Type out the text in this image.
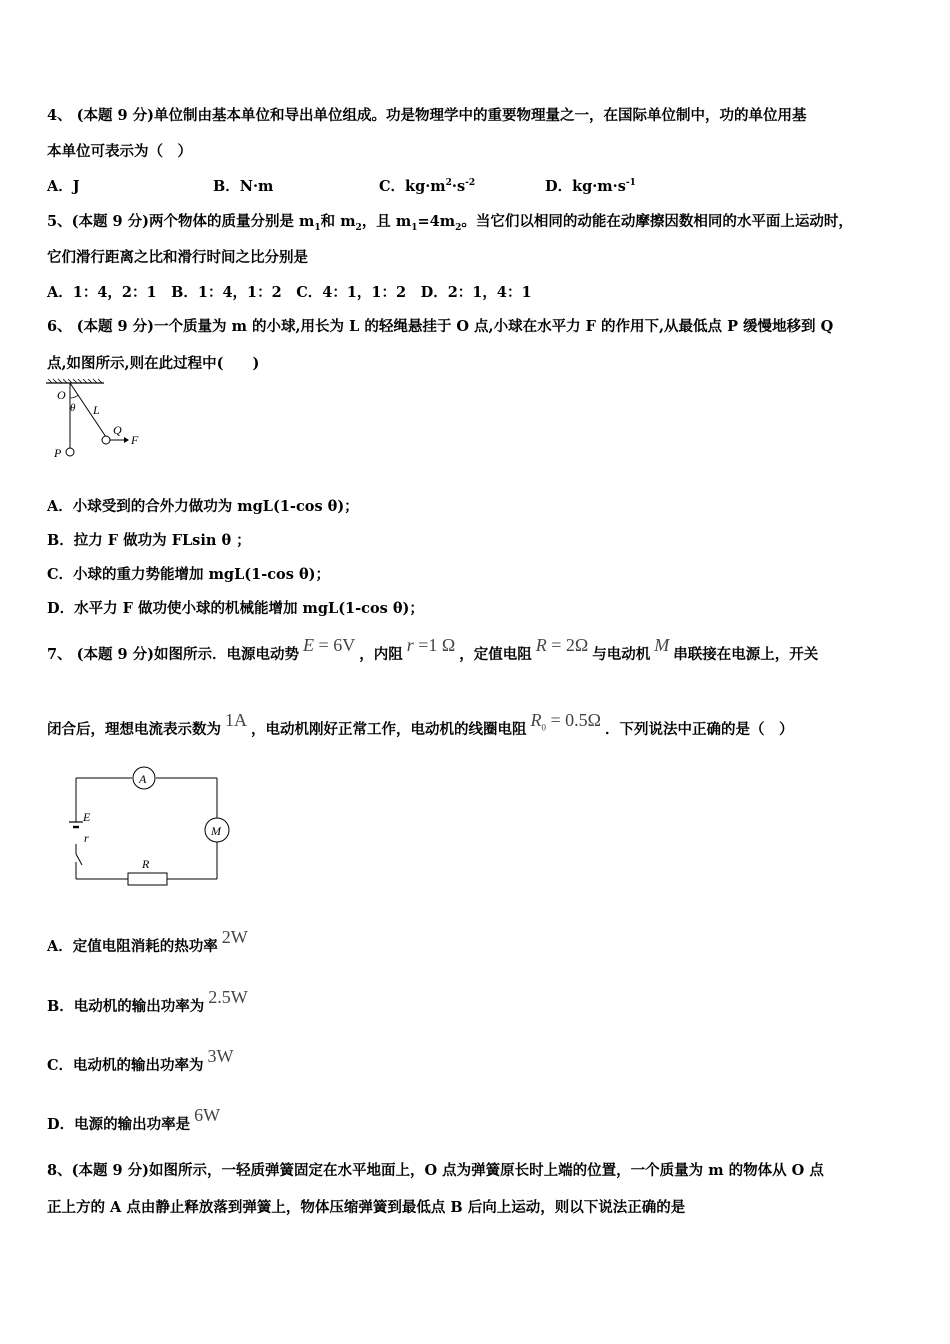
4、 (本题 9 分)单位制由基本单位和导出单位组成。功是物理学中的重要物理量之一，在国际单位制中，功的单位用基
本单位可表示为（　）
A．J	B．N·m	C．$kg\cdot m^2\cdot s^{-2}$	D．$kg\cdot m\cdot s^{-1}$
5、(本题 9 分)两个物体的质量分别是 $m_1$和 $m_2$，且 $m_1=4m_2$。当它们以相同的动能在动摩擦因数相同的水平面上运动时，
它们滑行距离之比和滑行时间之比分别是
A．1：4，2：1　B．1：4，1：2　C．4：1，1：2　D．2：1，4：1
6、 (本题 9 分)一个质量为 m 的小球,用长为 L 的轻绳悬挂于 O 点,小球在水平力 F 的作用下,从最低点 P 缓慢地移到 Q
点,如图所示,则在此过程中(　　)
O
θ L
Q
F
P
A．小球受到的合外力做功为 mgL(1-cos θ)；
B．拉力 F 做功为 FLsin θ ；
C．小球的重力势能增加 mgL(1-cos θ)；
D．水平力 F 做功使小球的机械能增加 mgL(1-cos θ)；
7、 (本题 9 分)如图所示．电源电动势 E = 6V ，内阻 r =1 Ω ，定值电阻 R = 2Ω 与电动机 M 串联接在电源上，开关
闭合后，理想电流表示数为 1A ，电动机刚好正常工作，电动机的线圈电阻 $R_0 = 0.5\Omega$ ．下列说法中正确的是（　）
A
M
R
E
r
A．定值电阻消耗的热功率 2W
B．电动机的输出功率为 2.5W
C．电动机的输出功率为 3W
D．电源的输出功率是 6W
8、(本题 9 分)如图所示，一轻质弹簧固定在水平地面上，O 点为弹簧原长时上端的位置，一个质量为 m 的物体从 O 点
正上方的 A 点由静止释放落到弹簧上，物体压缩弹簧到最低点 B 后向上运动，则以下说法正确的是
